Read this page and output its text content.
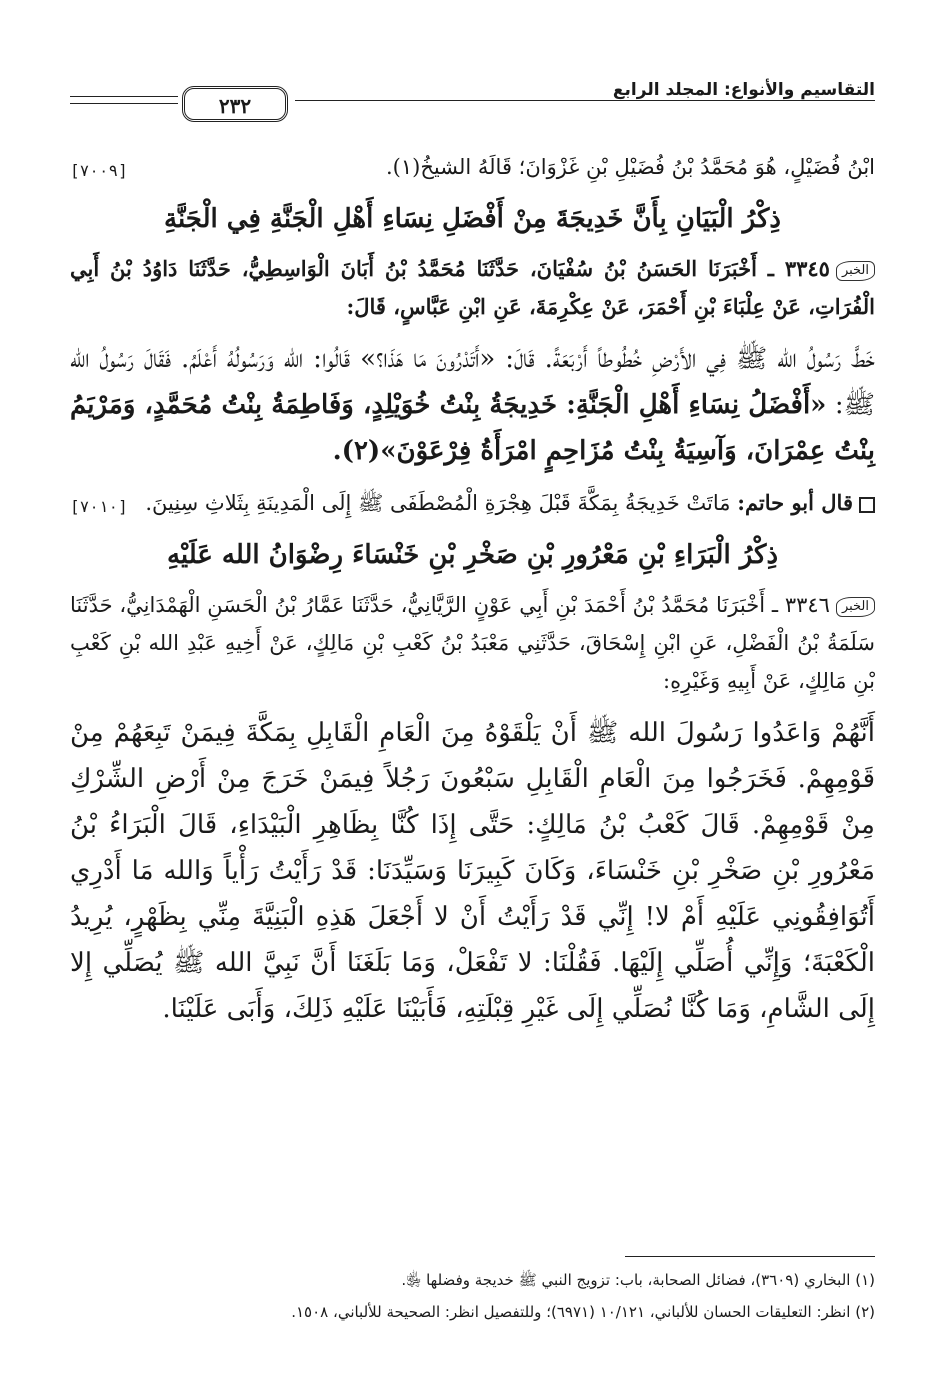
التقاسيم والأنواع: المجلد الرابع
٢٣٢

[٧٠٠٩]	ابْنُ فُضَيْلٍ، هُوَ مُحَمَّدُ بْنُ فُضَيْلِ بْنِ غَزْوَانَ؛ قَالَهُ الشيخُ(١).

ذِكْرُ الْبَيَانِ بِأَنَّ خَدِيجَةَ مِنْ أَفْضَلِ نِسَاءِ أَهْلِ الْجَنَّةِ فِي الْجَنَّةِ

الخبر٣٣٤٥ ـ أَخْبَرَنَا الحَسَنُ بْنُ سُفْيَانَ، حَدَّثَنَا مُحَمَّدُ بْنُ أَبَانَ الْوَاسِطِيُّ، حَدَّثَنَا دَاوُدُ بْنُ أَبِي الْفُرَاتِ، عَنْ عِلْبَاءَ بْنِ أَحْمَرَ، عَنْ عِكْرِمَةَ، عَنِ ابْنِ عَبَّاسٍ، قَالَ:

خَطَّ رَسُولُ الله ﷺ فِي الأَرْضِ خُطُوطاً أَرْبَعَةً. قَالَ: «أَتَدْرُونَ مَا هَذَا؟» قَالُوا: الله وَرَسُولُهُ أَعْلَمُ. فَقَالَ رَسُولُ الله ﷺ: «أَفْضَلُ نِسَاءِ أَهْلِ الْجَنَّةِ: خَدِيجَةُ بِنْتُ خُوَيْلِدٍ، وَفَاطِمَةُ بِنْتُ مُحَمَّدٍ، وَمَرْيَمُ بِنْتُ عِمْرَانَ، وَآسِيَةُ بِنْتُ مُزَاحِمٍ امْرَأَةُ فِرْعَوْنَ»(٢).

قال أبو حاتم: مَاتَتْ خَدِيجَةُ بِمَكَّةَ قَبْلَ هِجْرَةِ الْمُصْطَفَى ﷺ إِلَى الْمَدِينَةِ بِثَلاثِ سِنِينَ.
[٧٠١٠]

ذِكْرُ الْبَرَاءِ بْنِ مَعْرُورِ بْنِ صَخْرِ بْنِ خَنْسَاءَ رِضْوَانُ الله عَلَيْهِ

الخبر٣٣٤٦ ـ أَخْبَرَنَا مُحَمَّدُ بْنُ أَحْمَدَ بْنِ أَبِي عَوْنٍ الرَّيَّانِيُّ، حَدَّثَنَا عَمَّارُ بْنُ الْحَسَنِ الْهَمْدَانِيُّ، حَدَّثَنَا سَلَمَةُ بْنُ الْفَضْلِ، عَنِ ابْنِ إِسْحَاقَ، حَدَّثَنِي مَعْبَدُ بْنُ كَعْبِ بْنِ مَالِكٍ، عَنْ أَخِيهِ عَبْدِ الله بْنِ كَعْبِ بْنِ مَالِكٍ، عَنْ أَبِيهِ وَغَيْرِهِ:

أَنَّهُمْ وَاعَدُوا رَسُولَ الله ﷺ أَنْ يَلْقَوْهُ مِنَ الْعَامِ الْقَابِلِ بِمَكَّةَ فِيمَنْ تَبِعَهُمْ مِنْ قَوْمِهِمْ. فَخَرَجُوا مِنَ الْعَامِ الْقَابِلِ سَبْعُونَ رَجُلاً فِيمَنْ خَرَجَ مِنْ أَرْضِ الشِّرْكِ مِنْ قَوْمِهِمْ. قَالَ كَعْبُ بْنُ مَالِكٍ: حَتَّى إِذَا كُنَّا بِظَاهِرِ الْبَيْدَاءِ، قَالَ الْبَرَاءُ بْنُ مَعْرُورِ بْنِ صَخْرِ بْنِ خَنْسَاءَ، وَكَانَ كَبِيرَنَا وَسَيِّدَنَا: قَدْ رَأَيْتُ رَأْياً وَالله مَا أَدْرِي أَتُوَافِقُونِي عَلَيْهِ أَمْ لا! إِنِّي قَدْ رَأَيْتُ أَنْ لا أَجْعَلَ هَذِهِ الْبَنِيَّةَ مِنِّي بِظَهْرٍ، يُرِيدُ الْكَعْبَةَ؛ وَإِنِّي أُصَلِّي إِلَيْهَا. فَقُلْنَا: لا تَفْعَلْ، وَمَا بَلَغَنَا أَنَّ نَبِيَّ الله ﷺ يُصَلِّي إِلا إِلَى الشَّامِ، وَمَا كُنَّا نُصَلِّي إِلَى غَيْرِ قِبْلَتِهِ، فَأَبَيْنَا عَلَيْهِ ذَلِكَ، وَأَبَى عَلَيْنَا.

(١) البخاري (٣٦٠٩)، فضائل الصحابة، باب: تزويج النبي ﷺ خديجة وفضلها ﵂.
(٢) انظر: التعليقات الحسان للألباني، ١٠/١٢١ (٦٩٧١)؛ وللتفصيل انظر: الصحيحة للألباني، ١٥٠٨.
